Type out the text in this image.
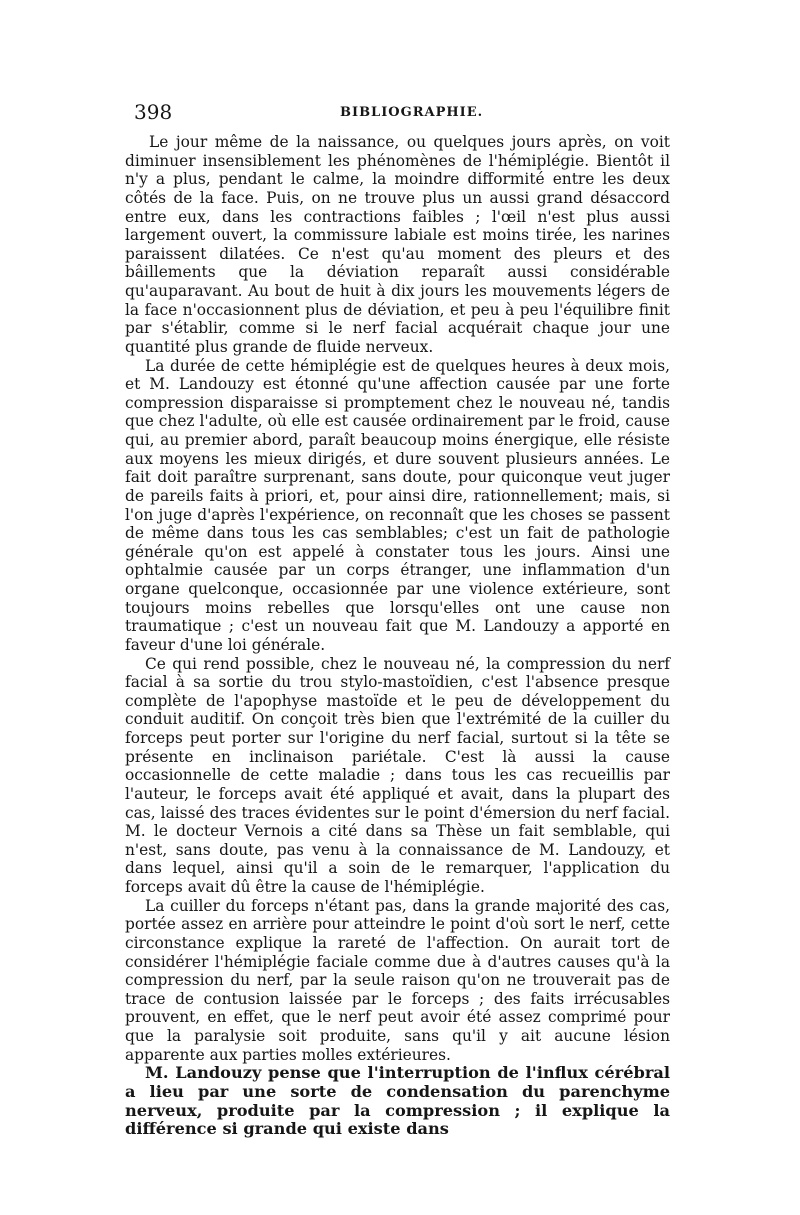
398	BIBLIOGRAPHIE.

Le jour même de la naissance, ou quelques jours après, on voit diminuer insensiblement les phénomènes de l'hémiplégie. Bientôt il n'y a plus, pendant le calme, la moindre difformité entre les deux côtés de la face. Puis, on ne trouve plus un aussi grand désaccord entre eux, dans les contractions faibles ; l'œil n'est plus aussi largement ouvert, la commissure labiale est moins tirée, les narines paraissent dilatées. Ce n'est qu'au moment des pleurs et des bâillements que la déviation reparaît aussi considérable qu'auparavant. Au bout de huit à dix jours les mouvements légers de la face n'occasionnent plus de déviation, et peu à peu l'équilibre finit par s'établir, comme si le nerf facial acquérait chaque jour une quantité plus grande de fluide nerveux.

La durée de cette hémiplégie est de quelques heures à deux mois, et M. Landouzy est étonné qu'une affection causée par une forte compression disparaisse si promptement chez le nouveau né, tandis que chez l'adulte, où elle est causée ordinairement par le froid, cause qui, au premier abord, paraît beaucoup moins énergique, elle résiste aux moyens les mieux dirigés, et dure souvent plusieurs années. Le fait doit paraître surprenant, sans doute, pour quiconque veut juger de pareils faits à priori, et, pour ainsi dire, rationnellement; mais, si l'on juge d'après l'expérience, on reconnaît que les choses se passent de même dans tous les cas semblables; c'est un fait de pathologie générale qu'on est appelé à constater tous les jours. Ainsi une ophtalmie causée par un corps étranger, une inflammation d'un organe quelconque, occasionnée par une violence extérieure, sont toujours moins rebelles que lorsqu'elles ont une cause non traumatique ; c'est un nouveau fait que M. Landouzy a apporté en faveur d'une loi générale.

Ce qui rend possible, chez le nouveau né, la compression du nerf facial à sa sortie du trou stylo-mastoïdien, c'est l'absence presque complète de l'apophyse mastoïde et le peu de développement du conduit auditif. On conçoit très bien que l'extrémité de la cuiller du forceps peut porter sur l'origine du nerf facial, surtout si la tête se présente en inclinaison pariétale. C'est là aussi la cause occasionnelle de cette maladie ; dans tous les cas recueillis par l'auteur, le forceps avait été appliqué et avait, dans la plupart des cas, laissé des traces évidentes sur le point d'émersion du nerf facial. M. le docteur Vernois a cité dans sa Thèse un fait semblable, qui n'est, sans doute, pas venu à la connaissance de M. Landouzy, et dans lequel, ainsi qu'il a soin de le remarquer, l'application du forceps avait dû être la cause de l'hémiplégie.

La cuiller du forceps n'étant pas, dans la grande majorité des cas, portée assez en arrière pour atteindre le point d'où sort le nerf, cette circonstance explique la rareté de l'affection. On aurait tort de considérer l'hémiplégie faciale comme due à d'autres causes qu'à la compression du nerf, par la seule raison qu'on ne trouverait pas de trace de contusion laissée par le forceps ; des faits irrécusables prouvent, en effet, que le nerf peut avoir été assez comprimé pour que la paralysie soit produite, sans qu'il y ait aucune lésion apparente aux parties molles extérieures.

M. Landouzy pense que l'interruption de l'influx cérébral a lieu par une sorte de condensation du parenchyme nerveux, produite par la compression ; il explique la différence si grande qui existe dans
